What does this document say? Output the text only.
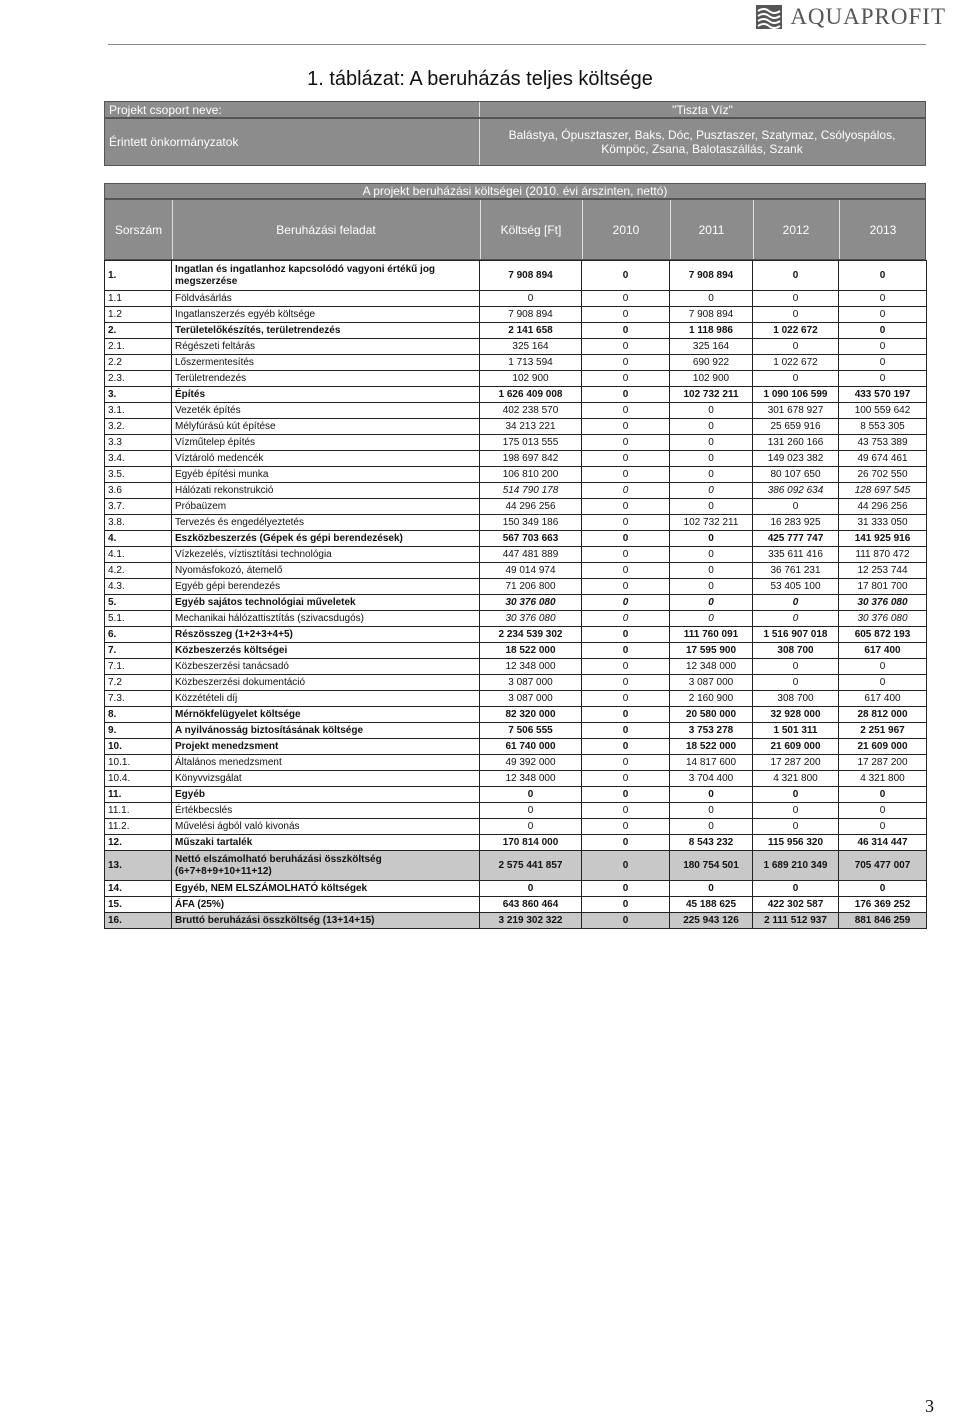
AQUAPROFIT
1. táblázat: A beruházás teljes költsége
Projekt csoport neve:	"Tiszta Víz"
Érintett önkormányzatok	Balástya, Ópusztaszer, Baks, Dóc, Pusztaszer, Szatymaz, Csólyospálos, Kömpöc, Zsana, Balotaszállás, Szank
A projekt beruházási költségei (2010. évi árszinten, nettó)
Sorszám	Beruházási feladat	Költség [Ft]	2010	2011	2012	2013
1.	Ingatlan és ingatlanhoz kapcsolódó vagyoni értékű jog megszerzése	7 908 894	0	7 908 894	0	0
1.1	Földvásárlás	0	0	0	0	0
1.2	Ingatlanszerzés egyéb költsége	7 908 894	0	7 908 894	0	0
2.	Területelőkészítés, területrendezés	2 141 658	0	1 118 986	1 022 672	0
2.1.	Régészeti feltárás	325 164	0	325 164	0	0
2.2	Lőszermentesítés	1 713 594	0	690 922	1 022 672	0
2.3.	Területrendezés	102 900	0	102 900	0	0
3.	Építés	1 626 409 008	0	102 732 211	1 090 106 599	433 570 197
3.1.	Vezeték építés	402 238 570	0	0	301 678 927	100 559 642
3.2.	Mélyfúrású kút építése	34 213 221	0	0	25 659 916	8 553 305
3.3	Vízműtelep építés	175 013 555	0	0	131 260 166	43 753 389
3.4.	Víztároló medencék	198 697 842	0	0	149 023 382	49 674 461
3.5.	Egyéb építési munka	106 810 200	0	0	80 107 650	26 702 550
3.6	Hálózati rekonstrukció	514 790 178	0	0	386 092 634	128 697 545
3.7.	Próbaüzem	44 296 256	0	0	0	44 296 256
3.8.	Tervezés és engedélyeztetés	150 349 186	0	102 732 211	16 283 925	31 333 050
4.	Eszközbeszerzés (Gépek és gépi berendezések)	567 703 663	0	0	425 777 747	141 925 916
4.1.	Vízkezelés, víztisztítási technológia	447 481 889	0	0	335 611 416	111 870 472
4.2.	Nyomásfokozó, átemelő	49 014 974	0	0	36 761 231	12 253 744
4.3.	Egyéb gépi berendezés	71 206 800	0	0	53 405 100	17 801 700
5.	Egyéb sajátos technológiai műveletek	30 376 080	0	0	0	30 376 080
5.1.	Mechanikai hálózattisztítás (szivacsdugós)	30 376 080	0	0	0	30 376 080
6.	Részösszeg (1+2+3+4+5)	2 234 539 302	0	111 760 091	1 516 907 018	605 872 193
7.	Közbeszerzés költségei	18 522 000	0	17 595 900	308 700	617 400
7.1.	Közbeszerzési tanácsadó	12 348 000	0	12 348 000	0	0
7.2	Közbeszerzési dokumentáció	3 087 000	0	3 087 000	0	0
7.3.	Közzétételi díj	3 087 000	0	2 160 900	308 700	617 400
8.	Mérnökfelügyelet költsége	82 320 000	0	20 580 000	32 928 000	28 812 000
9.	A nyilvánosság biztosításának költsége	7 506 555	0	3 753 278	1 501 311	2 251 967
10.	Projekt menedzsment	61 740 000	0	18 522 000	21 609 000	21 609 000
10.1.	Általános menedzsment	49 392 000	0	14 817 600	17 287 200	17 287 200
10.4.	Könyvvizsgálat	12 348 000	0	3 704 400	4 321 800	4 321 800
11.	Egyéb	0	0	0	0	0
11.1.	Értékbecslés	0	0	0	0	0
11.2.	Művelési ágból való kivonás	0	0	0	0	0
12.	Műszaki tartalék	170 814 000	0	8 543 232	115 956 320	46 314 447
13.	Nettó elszámolható beruházási összköltség (6+7+8+9+10+11+12)	2 575 441 857	0	180 754 501	1 689 210 349	705 477 007
14.	Egyéb, NEM ELSZÁMOLHATÓ költségek	0	0	0	0	0
15.	ÁFA (25%)	643 860 464	0	45 188 625	422 302 587	176 369 252
16.	Bruttó beruházási összköltség (13+14+15)	3 219 302 322	0	225 943 126	2 111 512 937	881 846 259
3
